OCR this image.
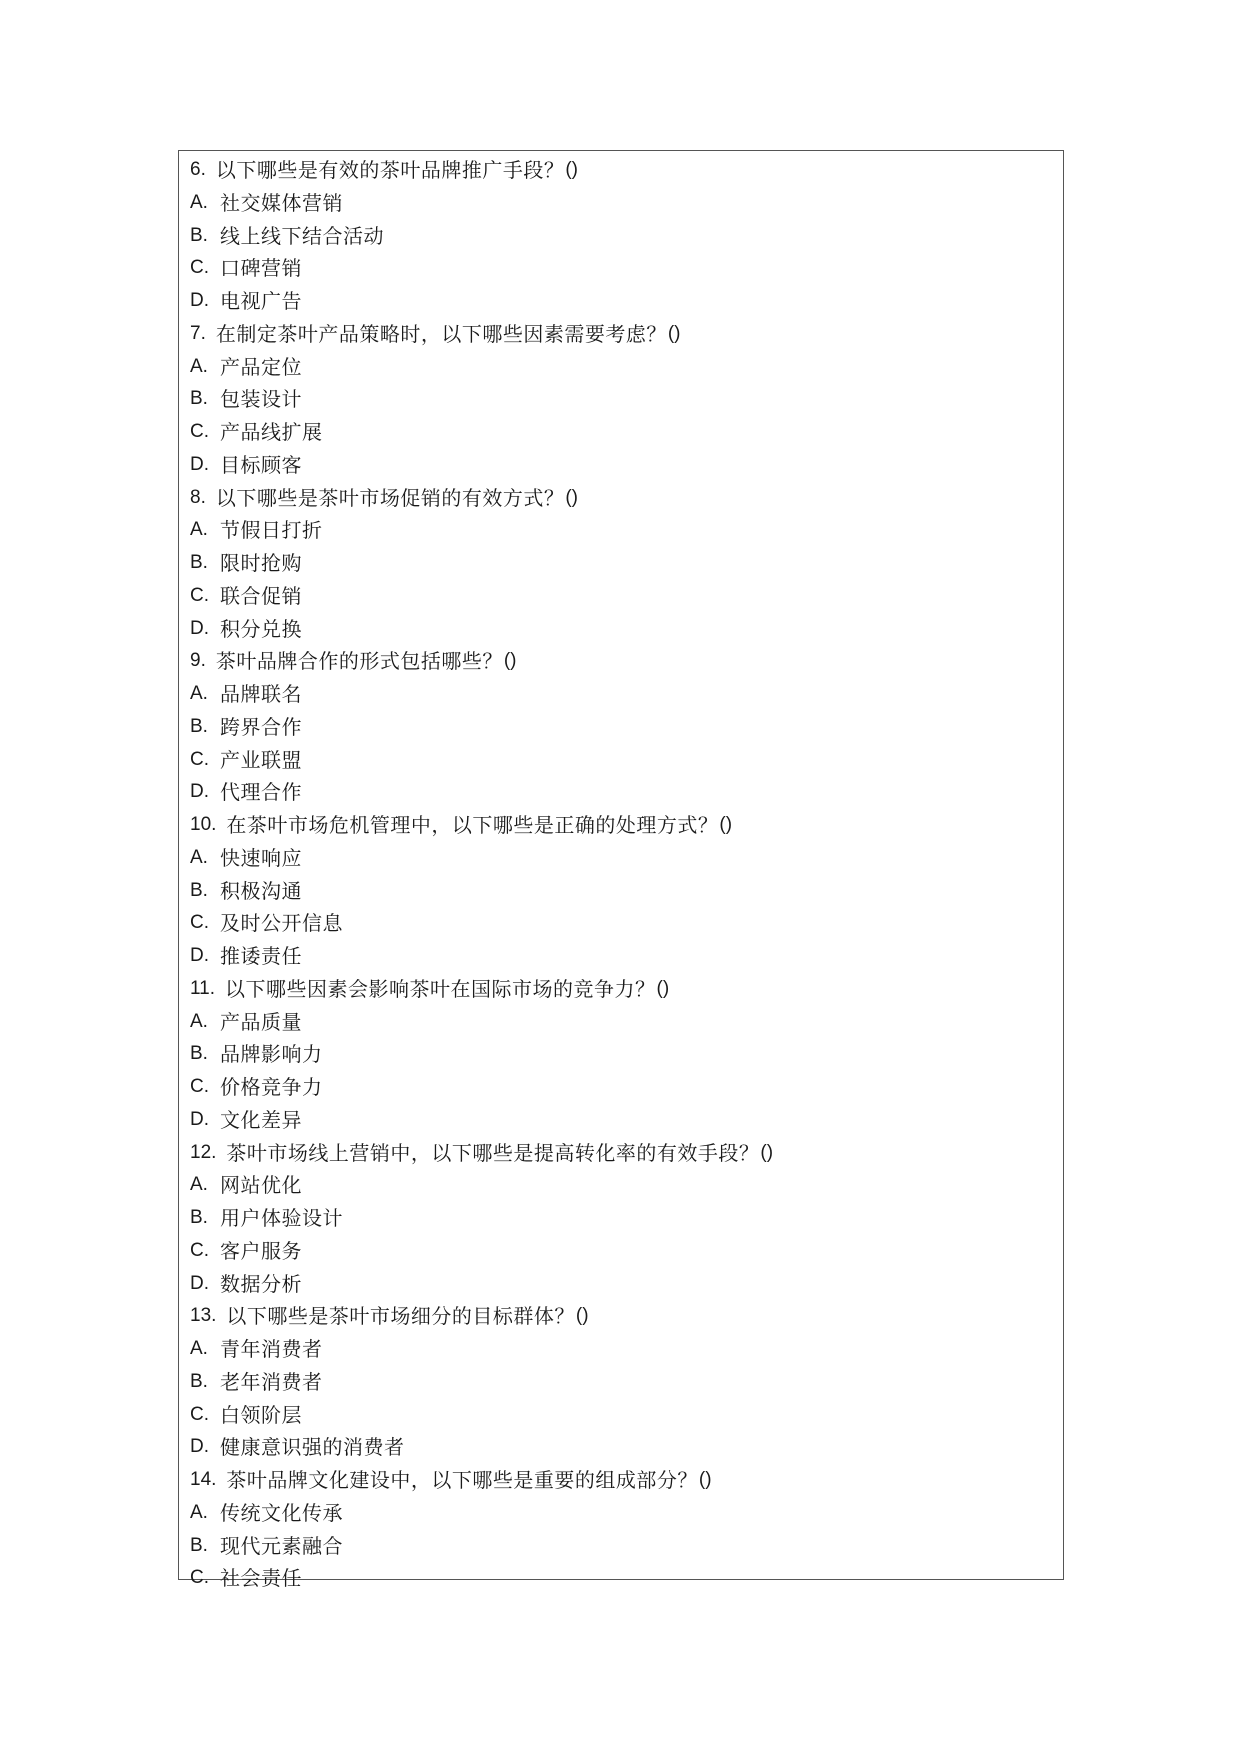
6. 以下哪些是有效的茶叶品牌推广手段？ ()
A. 社交媒体营销
B. 线上线下结合活动
C. 口碑营销
D. 电视广告
7. 在制定茶叶产品策略时，以下哪些因素需要考虑？ ()
A. 产品定位
B. 包装设计
C. 产品线扩展
D. 目标顾客
8. 以下哪些是茶叶市场促销的有效方式？ ()
A. 节假日打折
B. 限时抢购
C. 联合促销
D. 积分兑换
9. 茶叶品牌合作的形式包括哪些？ ()
A. 品牌联名
B. 跨界合作
C. 产业联盟
D. 代理合作
10. 在茶叶市场危机管理中，以下哪些是正确的处理方式？ ()
A. 快速响应
B. 积极沟通
C. 及时公开信息
D. 推诿责任
11. 以下哪些因素会影响茶叶在国际市场的竞争力？ ()
A. 产品质量
B. 品牌影响力
C. 价格竞争力
D. 文化差异
12. 茶叶市场线上营销中，以下哪些是提高转化率的有效手段？ ()
A. 网站优化
B. 用户体验设计
C. 客户服务
D. 数据分析
13. 以下哪些是茶叶市场细分的目标群体？ ()
A. 青年消费者
B. 老年消费者
C. 白领阶层
D. 健康意识强的消费者
14. 茶叶品牌文化建设中，以下哪些是重要的组成部分？ ()
A. 传统文化传承
B. 现代元素融合
C. 社会责任
